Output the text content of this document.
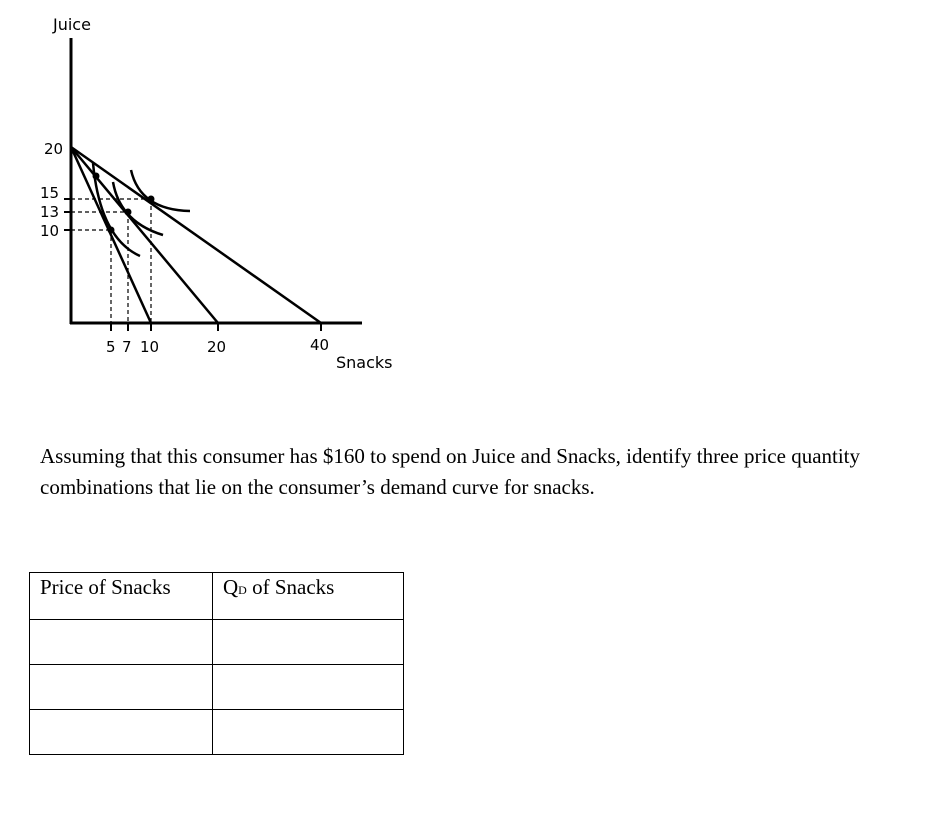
Juice
Snacks
20
15
13
10
5 7 10	20	40

Assuming that this consumer has $160 to spend on Juice and Snacks, identify three price quantity combinations that lie on the consumer’s demand curve for snacks.

Price of Snacks	QD of Snacks
